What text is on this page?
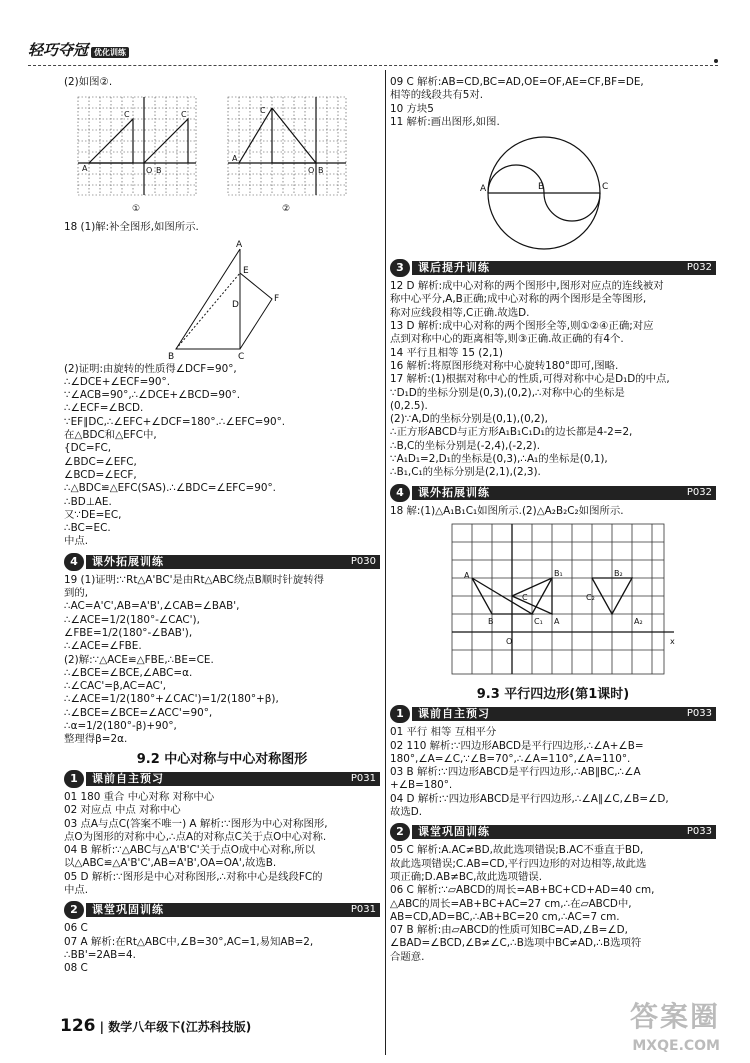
轻巧夺冠 优化训练
(2)如图②.
C	C
A	O B
C
A
O B
①	②
18 (1)解:补全图形,如图所示.
A
E
F
B	C
D
(2)证明:由旋转的性质得∠DCF=90°,
∴∠DCE+∠ECF=90°.
∵∠ACB=90°,∴∠DCE+∠BCD=90°.
∴∠ECF=∠BCD.
∵EF∥DC,∴∠EFC+∠DCF=180°.∴∠EFC=90°.
在△BDC和△EFC中,
{DC=FC,
∠BDC=∠EFC,
∠BCD=∠ECF,
∴△BDC≌△EFC(SAS).∴∠BDC=∠EFC=90°.
∴BD⊥AE.
又∵DE=EC,
∴BC=EC.
中点.
4	课外拓展训练	P030
19 (1)证明:∵Rt△A'BC'是由Rt△ABC绕点B顺时针旋转得
到的,
∴AC=A'C',AB=A'B',∠CAB=∠BAB',
∴∠ACE=1/2(180°-∠CAC'),
∠FBE=1/2(180°-∠BAB'),
∴∠ACE=∠FBE.
(2)解:∵△ACE≌△FBE,∴BE=CE.
∴∠BCE=∠BCE,∠ABC=α.
∴∠CAC'=β,AC=AC',
∴∠ACE=1/2(180°+∠CAC')=1/2(180°+β),
∴∠BCE=∠BCE=∠ACC'=90°,
∴α=1/2(180°-β)+90°,
整理得β=2α.
9.2 中心对称与中心对称图形
1	课前自主预习	P031
01 180 重合 中心对称 对称中心
02 对应点 中点 对称中心
03 点A与点C(答案不唯一) A 解析:∵图形为中心对称图形,
点O为图形的对称中心,∴点A的对称点C关于点O中心对称.
04 B 解析:∵△ABC与△A'B'C'关于点O成中心对称,所以
以△ABC≌△A'B'C',AB=A'B',OA=OA',故选B.
05 D 解析:∵图形是中心对称图形,∴对称中心是线段FC的
中点.
2	课堂巩固训练	P031
06 C
07 A 解析:在Rt△ABC中,∠B=30°,AC=1,易知AB=2,
∴BB'=2AB=4.
08 C
09 C 解析:AB=CD,BC=AD,OE=OF,AE=CF,BF=DE,
相等的线段共有5对.
10 方块5
11 解析:画出图形,如图.
A	B	C
3	课后提升训练	P032
12 D 解析:成中心对称的两个图形中,图形对应点的连线被对
称中心平分,A,B正确;成中心对称的两个图形是全等图形,
称对应线段相等,C正确.故选D.
13 D 解析:成中心对称的两个图形全等,则①②④正确;对应
点到对称中心的距离相等,则③正确.故正确的有4个.
14 平行且相等 15 (2,1)
16 解析:将原图形绕对称中心旋转180°即可,图略.
17 解析:(1)根据对称中心的性质,可得对称中心是D₁D的中点,
∵D₁D的坐标分别是(0,3),(0,2),∴对称中心的坐标是
(0,2.5).
(2)∵A,D的坐标分别是(0,1),(0,2),
∴正方形ABCD与正方形A₁B₁C₁D₁的边长都是4-2=2,
∴B,C的坐标分别是(-2,4),(-2,2).
∵A₁D₁=2,D₁的坐标是(0,3),∴A₁的坐标是(0,1),
∴B₁,C₁的坐标分别是(2,1),(2,3).
4	课外拓展训练	P032
18 解:(1)△A₁B₁C₁如图所示.(2)△A₂B₂C₂如图所示.
A
B
C
C₁
B₁
A
C₂
B₂
A₂
O	x
9.3 平行四边形(第1课时)
1	课前自主预习	P033
01 平行 相等 互相平分
02 110 解析:∵四边形ABCD是平行四边形,∴∠A+∠B=
180°,∠A=∠C,∵∠B=70°,∴∠A=110°,∠A=110°.
03 B 解析:∵四边形ABCD是平行四边形,∴AB∥BC,∴∠A
+∠B=180°.
04 D 解析:∵四边形ABCD是平行四边形,∴∠A∥∠C,∠B=∠D,
故选D.
2	课堂巩固训练	P033
05 C 解析:A.AC≠BD,故此选项错误;B.AC不垂直于BD,
故此选项错误;C.AB=CD,平行四边形的对边相等,故此选
项正确;D.AB≠BC,故此选项错误.
06 C 解析:∵▱ABCD的周长=AB+BC+CD+AD=40 cm,
△ABC的周长=AB+BC+AC=27 cm,∴在▱ABCD中,
AB=CD,AD=BC,∴AB+BC=20 cm,∴AC=7 cm.
07 B 解析:由▱ABCD的性质可知BC=AD,∠B=∠D,
∠BAD=∠BCD,∠B≠∠C,∴B选项中BC≠AD,∴B选项符
合题意.
126 | 数学八年级下(江苏科技版)	答案圈
MXQE.COM
